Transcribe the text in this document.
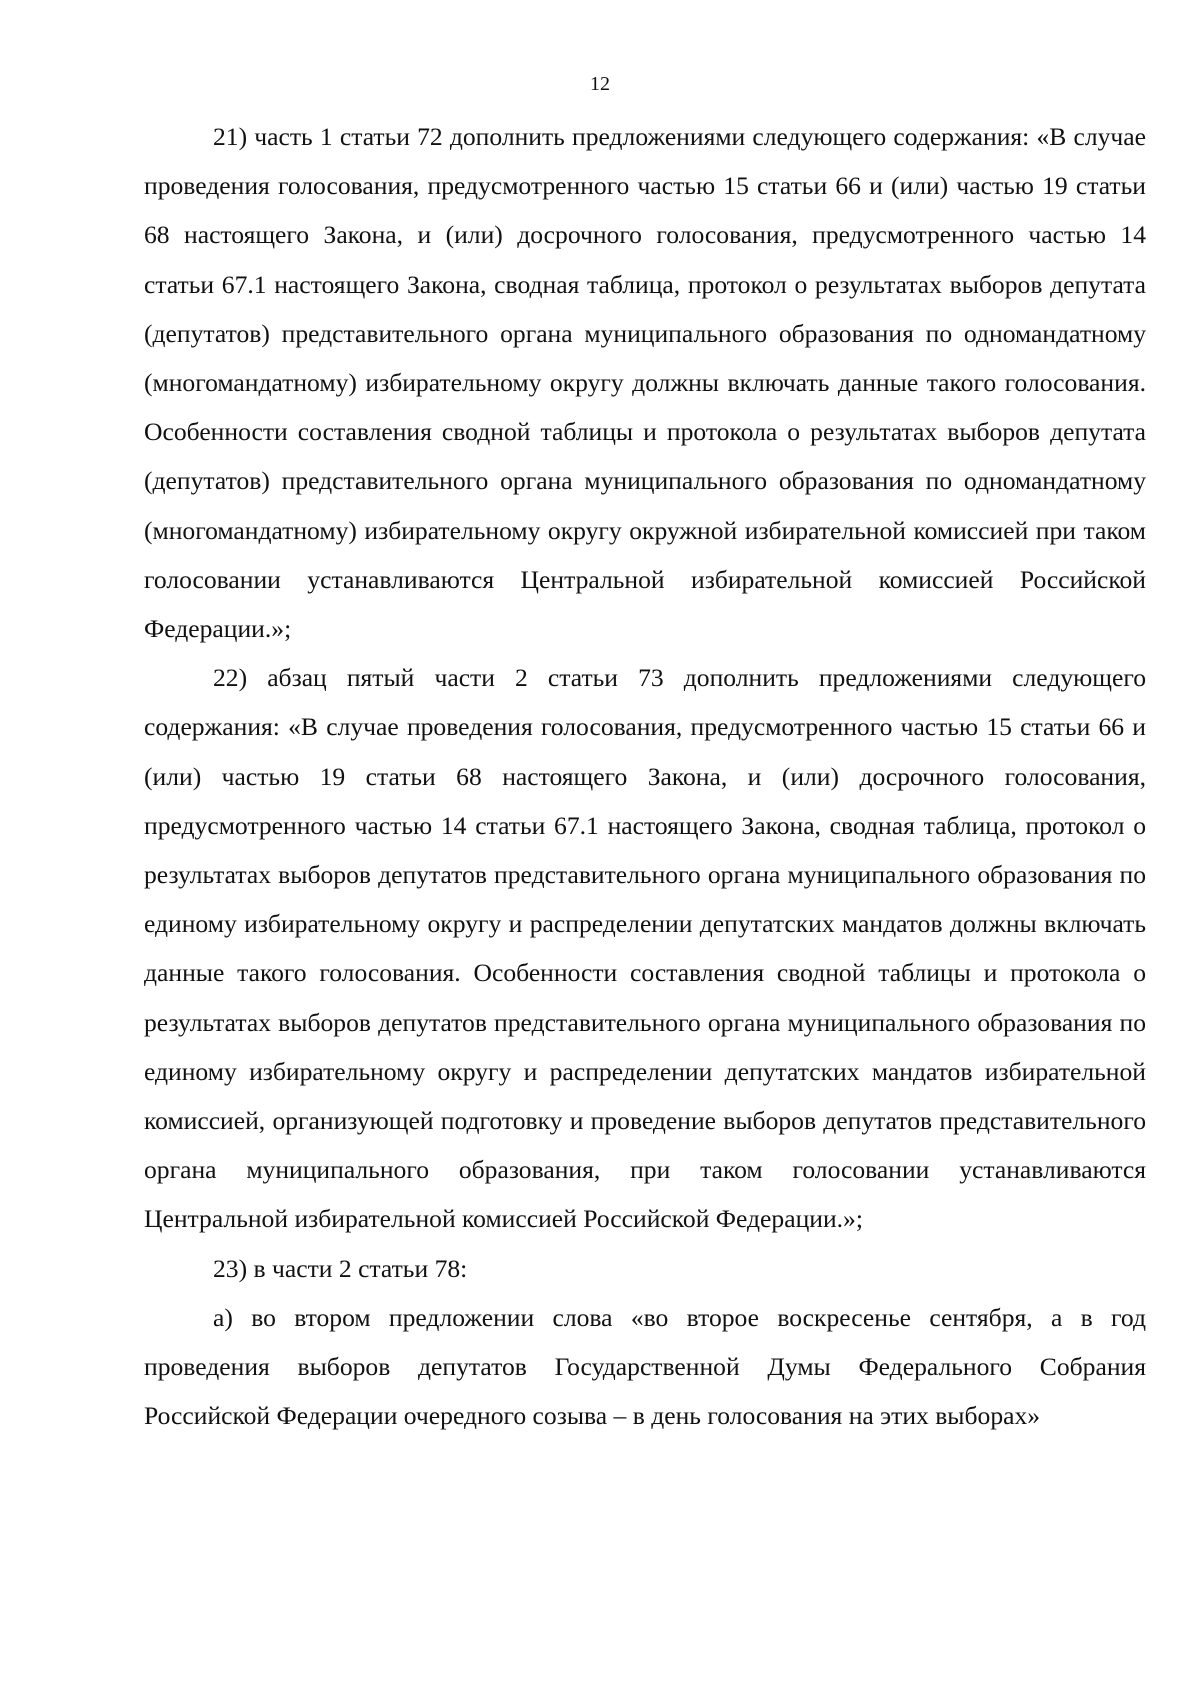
12

21) часть 1 статьи 72 дополнить предложениями следующего содержания: «В случае проведения голосования, предусмотренного частью 15 статьи 66 и (или) частью 19 статьи 68 настоящего Закона, и (или) досрочного голосования, предусмотренного частью 14 статьи 67.1 настоящего Закона, сводная таблица, протокол о результатах выборов депутата (депутатов) представительного органа муниципального образования по одномандатному (многомандатному) избирательному округу должны включать данные такого голосования. Особенности составления сводной таблицы и протокола о результатах выборов депутата (депутатов) представительного органа муниципального образования по одномандатному (многомандатному) избирательному округу окружной избирательной комиссией при таком голосовании устанавливаются Центральной избирательной комиссией Российской Федерации.»;

22) абзац пятый части 2 статьи 73 дополнить предложениями следующего содержания: «В случае проведения голосования, предусмотренного частью 15 статьи 66 и (или) частью 19 статьи 68 настоящего Закона, и (или) досрочного голосования, предусмотренного частью 14 статьи 67.1 настоящего Закона, сводная таблица, протокол о результатах выборов депутатов представительного органа муниципального образования по единому избирательному округу и распределении депутатских мандатов должны включать данные такого голосования. Особенности составления сводной таблицы и протокола о результатах выборов депутатов представительного органа муниципального образования по единому избирательному округу и распределении депутатских мандатов избирательной комиссией, организующей подготовку и проведение выборов депутатов представительного органа муниципального образования, при таком голосовании устанавливаются Центральной избирательной комиссией Российской Федерации.»;

23) в части 2 статьи 78:

а) во втором предложении слова «во второе воскресенье сентября, а в год проведения выборов депутатов Государственной Думы Федерального Собрания Российской Федерации очередного созыва – в день голосования на этих выборах»
